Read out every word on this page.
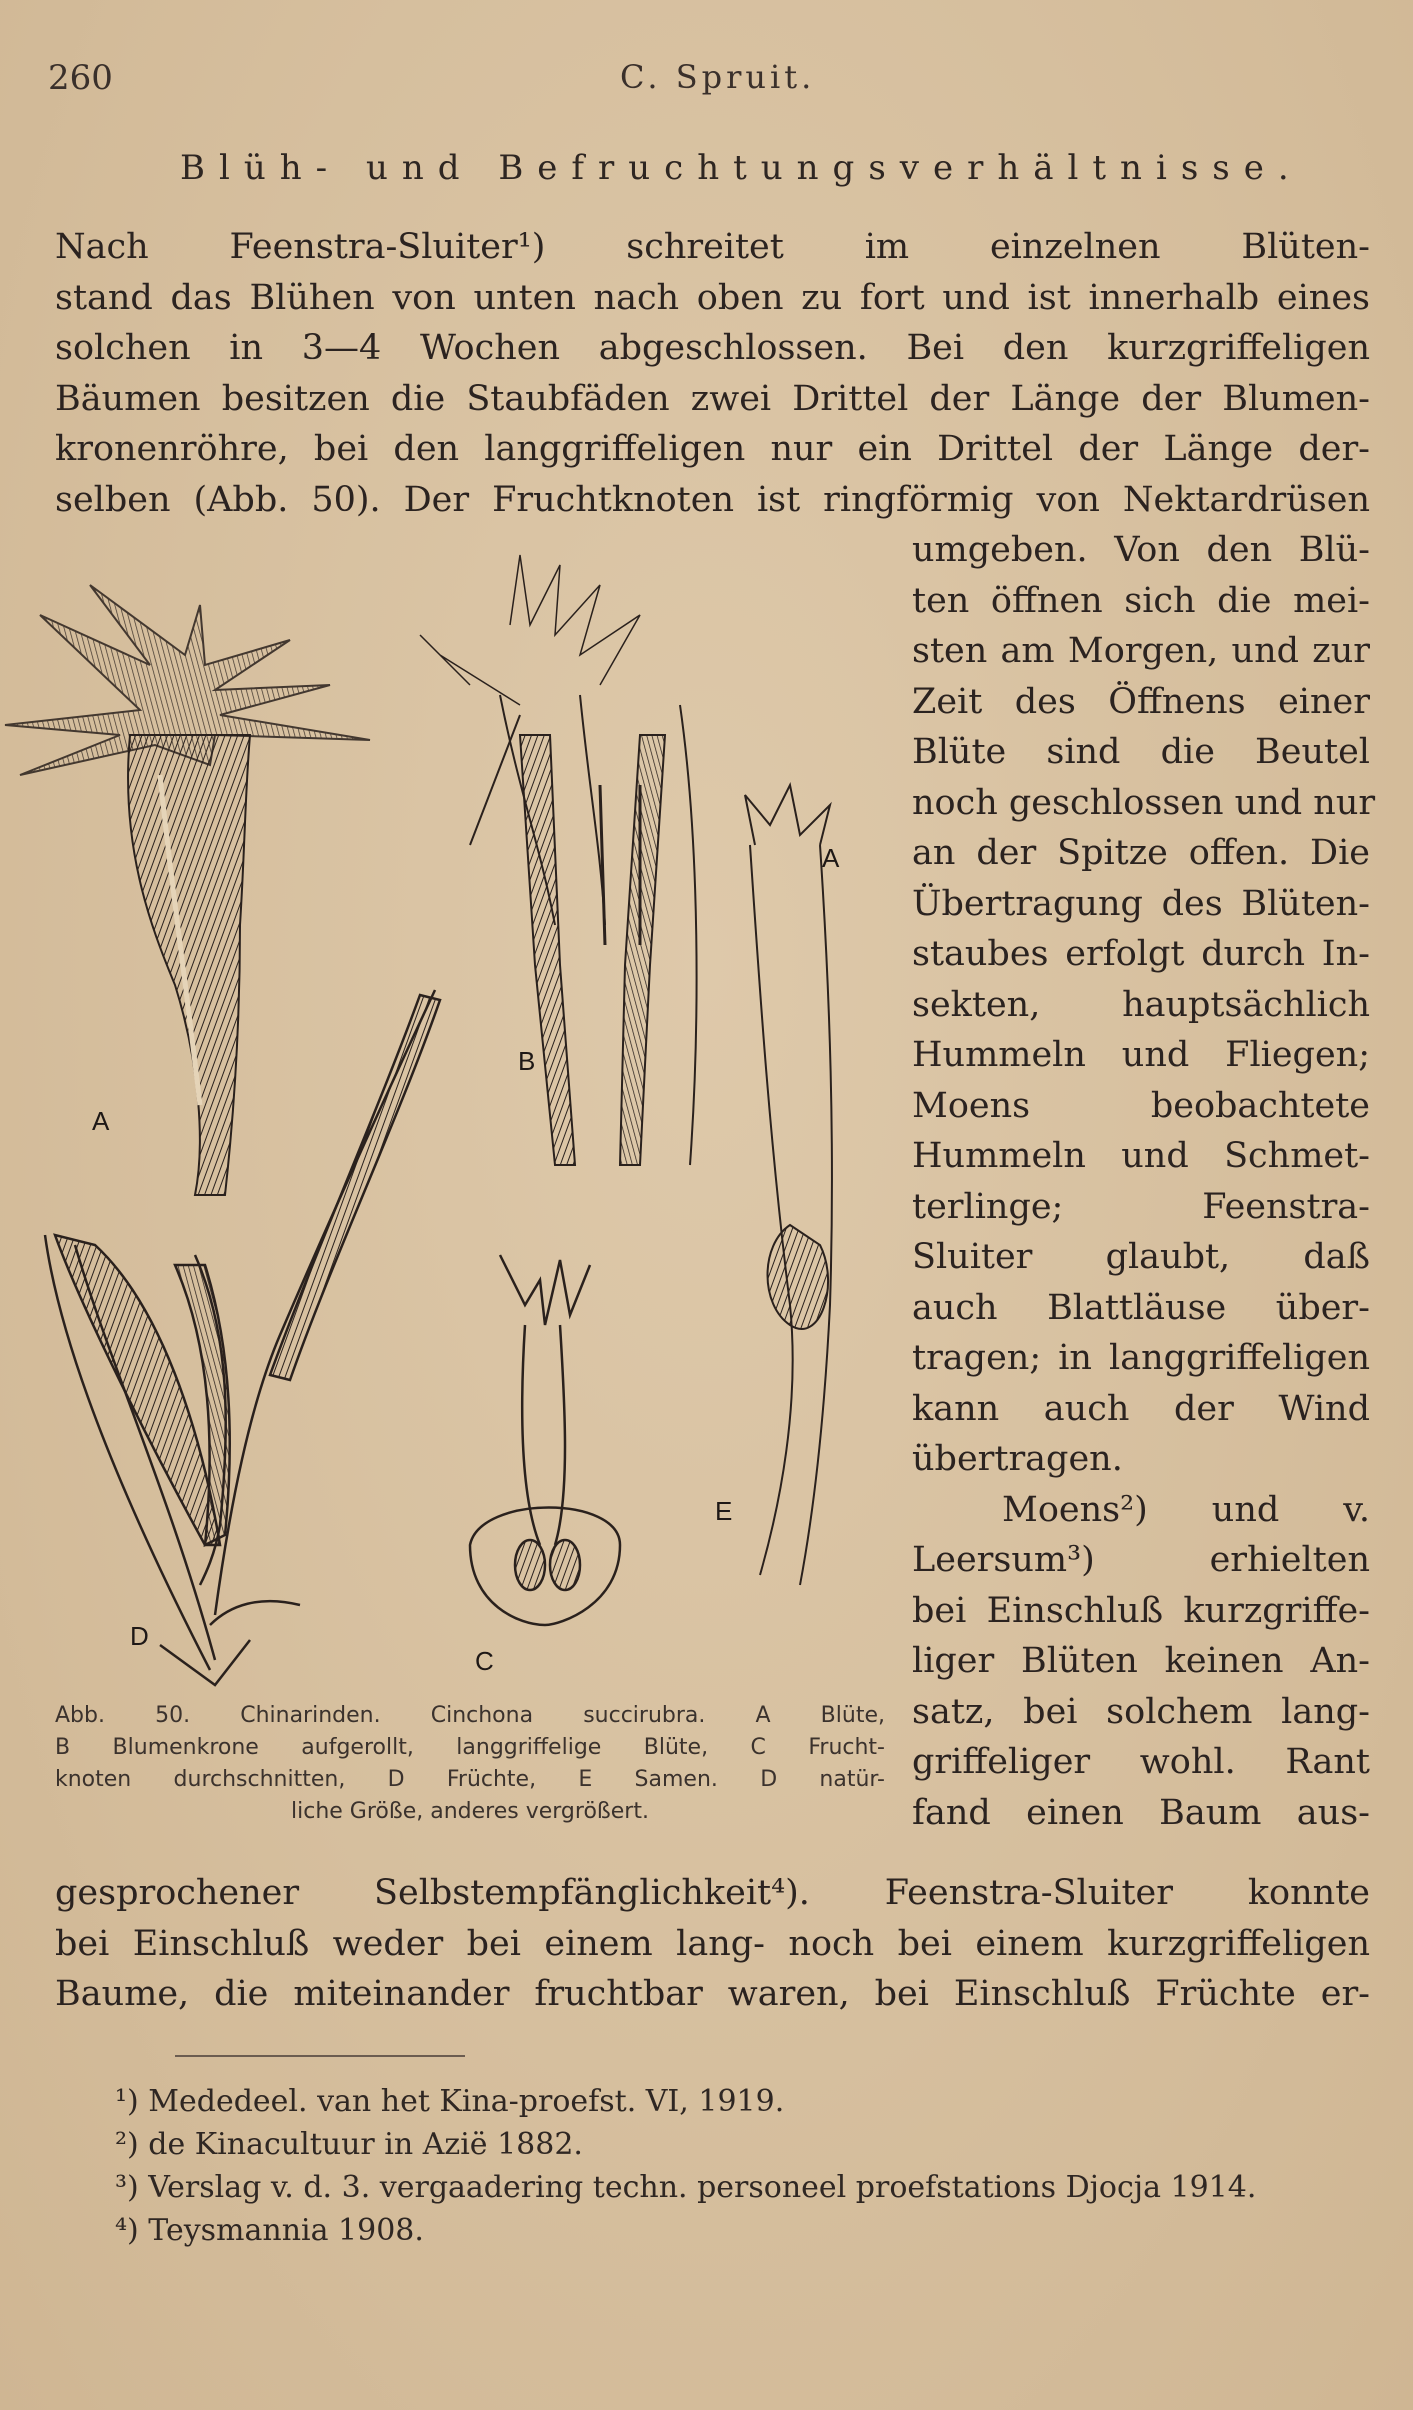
260	C. Spruit.
Blüh- und Befruchtungsverhältnisse.
Nach Feenstra-Sluiter¹) schreitet im einzelnen Blüten-
stand das Blühen von unten nach oben zu fort und ist innerhalb eines
solchen in 3—4 Wochen abgeschlossen. Bei den kurzgriffeligen
Bäumen besitzen die Staubfäden zwei Drittel der Länge der Blumen-
kronenröhre, bei den langgriffeligen nur ein Drittel der Länge der-
selben (Abb. 50). Der Fruchtknoten ist ringförmig von Nektardrüsen
umgeben. Von den Blü-
ten öffnen sich die mei-
sten am Morgen, und zur
Zeit des Öffnens einer
Blüte sind die Beutel
noch geschlossen und nur
an der Spitze offen. Die
Übertragung des Blüten-
staubes erfolgt durch In-
sekten, hauptsächlich
Hummeln und Fliegen;
Moens beobachtete
Hummeln und Schmet-
terlinge; Feenstra-
Sluiter glaubt, daß
auch Blattläuse über-
tragen; in langgriffeligen
kann auch der Wind
übertragen.
Moens²) und v.
Leersum³) erhielten
bei Einschluß kurzgriffe-
liger Blüten keinen An-
satz, bei solchem lang-
griffeliger wohl. Rant
fand einen Baum aus-
gesprochener Selbstempfänglichkeit⁴). Feenstra-Sluiter konnte
bei Einschluß weder bei einem lang- noch bei einem kurzgriffeligen
Baume, die miteinander fruchtbar waren, bei Einschluß Früchte er-
A
B
C
D
E
A
Abb. 50. Chinarinden. Cinchona succirubra. A Blüte,
B Blumenkrone aufgerollt, langgriffelige Blüte, C Frucht-
knoten durchschnitten, D Früchte, E Samen. D natür-
liche Größe, anderes vergrößert.
¹) Mededeel. van het Kina-proefst. VI, 1919.
²) de Kinacultuur in Aziё 1882.
³) Verslag v. d. 3. vergaadering techn. personeel proefstations Djocja 1914.
⁴) Teysmannia 1908.
